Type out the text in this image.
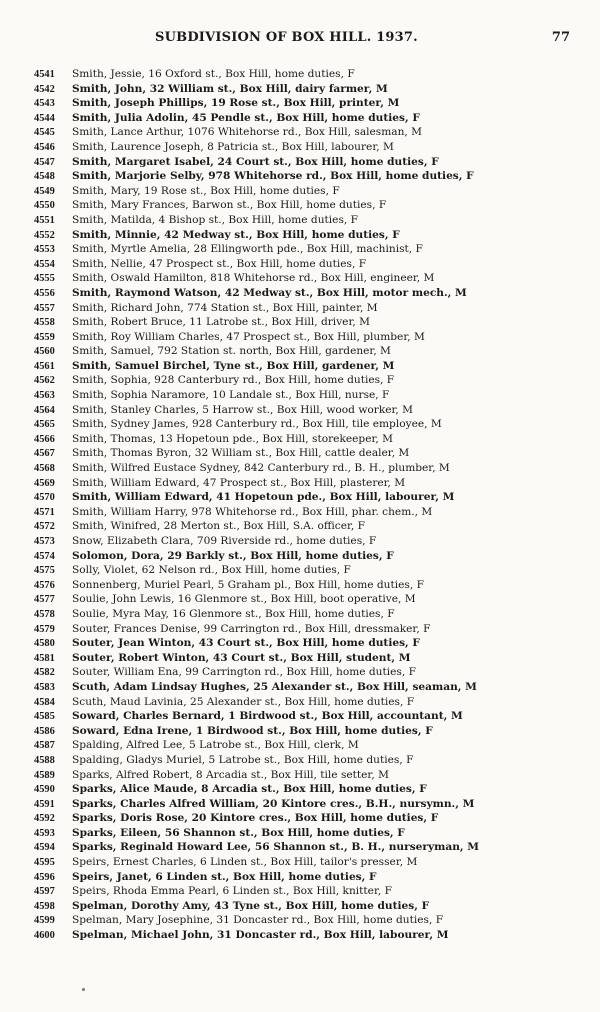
SUBDIVISION OF BOX HILL. 1937.	77
4541	Smith, Jessie, 16 Oxford st., Box Hill, home duties, F
4542	Smith, John, 32 William st., Box Hill, dairy farmer, M
4543	Smith, Joseph Phillips, 19 Rose st., Box Hill, printer, M
4544	Smith, Julia Adolin, 45 Pendle st., Box Hill, home duties, F
4545	Smith, Lance Arthur, 1076 Whitehorse rd., Box Hill, salesman, M
4546	Smith, Laurence Joseph, 8 Patricia st., Box Hill, labourer, M
4547	Smith, Margaret Isabel, 24 Court st., Box Hill, home duties, F
4548	Smith, Marjorie Selby, 978 Whitehorse rd., Box Hill, home duties, F
4549	Smith, Mary, 19 Rose st., Box Hill, home duties, F
4550	Smith, Mary Frances, Barwon st., Box Hill, home duties, F
4551	Smith, Matilda, 4 Bishop st., Box Hill, home duties, F
4552	Smith, Minnie, 42 Medway st., Box Hill, home duties, F
4553	Smith, Myrtle Amelia, 28 Ellingworth pde., Box Hill, machinist, F
4554	Smith, Nellie, 47 Prospect st., Box Hill, home duties, F
4555	Smith, Oswald Hamilton, 818 Whitehorse rd., Box Hill, engineer, M
4556	Smith, Raymond Watson, 42 Medway st., Box Hill, motor mech., M
4557	Smith, Richard John, 774 Station st., Box Hill, painter, M
4558	Smith, Robert Bruce, 11 Latrobe st., Box Hill, driver, M
4559	Smith, Roy William Charles, 47 Prospect st., Box Hill, plumber, M
4560	Smith, Samuel, 792 Station st. north, Box Hill, gardener, M
4561	Smith, Samuel Birchel, Tyne st., Box Hill, gardener, M
4562	Smith, Sophia, 928 Canterbury rd., Box Hill, home duties, F
4563	Smith, Sophia Naramore, 10 Landale st., Box Hill, nurse, F
4564	Smith, Stanley Charles, 5 Harrow st., Box Hill, wood worker, M
4565	Smith, Sydney James, 928 Canterbury rd., Box Hill, tile employee, M
4566	Smith, Thomas, 13 Hopetoun pde., Box Hill, storekeeper, M
4567	Smith, Thomas Byron, 32 William st., Box Hill, cattle dealer, M
4568	Smith, Wilfred Eustace Sydney, 842 Canterbury rd., B. H., plumber, M
4569	Smith, William Edward, 47 Prospect st., Box Hill, plasterer, M
4570	Smith, William Edward, 41 Hopetoun pde., Box Hill, labourer, M
4571	Smith, William Harry, 978 Whitehorse rd., Box Hill, phar. chem., M
4572	Smith, Winifred, 28 Merton st., Box Hill, S.A. officer, F
4573	Snow, Elizabeth Clara, 709 Riverside rd., home duties, F
4574	Solomon, Dora, 29 Barkly st., Box Hill, home duties, F
4575	Solly, Violet, 62 Nelson rd., Box Hill, home duties, F
4576	Sonnenberg, Muriel Pearl, 5 Graham pl., Box Hill, home duties, F
4577	Soulie, John Lewis, 16 Glenmore st., Box Hill, boot operative, M
4578	Soulie, Myra May, 16 Glenmore st., Box Hill, home duties, F
4579	Souter, Frances Denise, 99 Carrington rd., Box Hill, dressmaker, F
4580	Souter, Jean Winton, 43 Court st., Box Hill, home duties, F
4581	Souter, Robert Winton, 43 Court st., Box Hill, student, M
4582	Souter, William Ena, 99 Carrington rd., Box Hill, home duties, F
4583	Scuth, Adam Lindsay Hughes, 25 Alexander st., Box Hill, seaman, M
4584	Scuth, Maud Lavinia, 25 Alexander st., Box Hill, home duties, F
4585	Soward, Charles Bernard, 1 Birdwood st., Box Hill, accountant, M
4586	Soward, Edna Irene, 1 Birdwood st., Box Hill, home duties, F
4587	Spalding, Alfred Lee, 5 Latrobe st., Box Hill, clerk, M
4588	Spalding, Gladys Muriel, 5 Latrobe st., Box Hill, home duties, F
4589	Sparks, Alfred Robert, 8 Arcadia st., Box Hill, tile setter, M
4590	Sparks, Alice Maude, 8 Arcadia st., Box Hill, home duties, F
4591	Sparks, Charles Alfred William, 20 Kintore cres., B.H., nursymn., M
4592	Sparks, Doris Rose, 20 Kintore cres., Box Hill, home duties, F
4593	Sparks, Eileen, 56 Shannon st., Box Hill, home duties, F
4594	Sparks, Reginald Howard Lee, 56 Shannon st., B. H., nurseryman, M
4595	Speirs, Ernest Charles, 6 Linden st., Box Hill, tailor's presser, M
4596	Speirs, Janet, 6 Linden st., Box Hill, home duties, F
4597	Speirs, Rhoda Emma Pearl, 6 Linden st., Box Hill, knitter, F
4598	Spelman, Dorothy Amy, 43 Tyne st., Box Hill, home duties, F
4599	Spelman, Mary Josephine, 31 Doncaster rd., Box Hill, home duties, F
4600	Spelman, Michael John, 31 Doncaster rd., Box Hill, labourer, M
